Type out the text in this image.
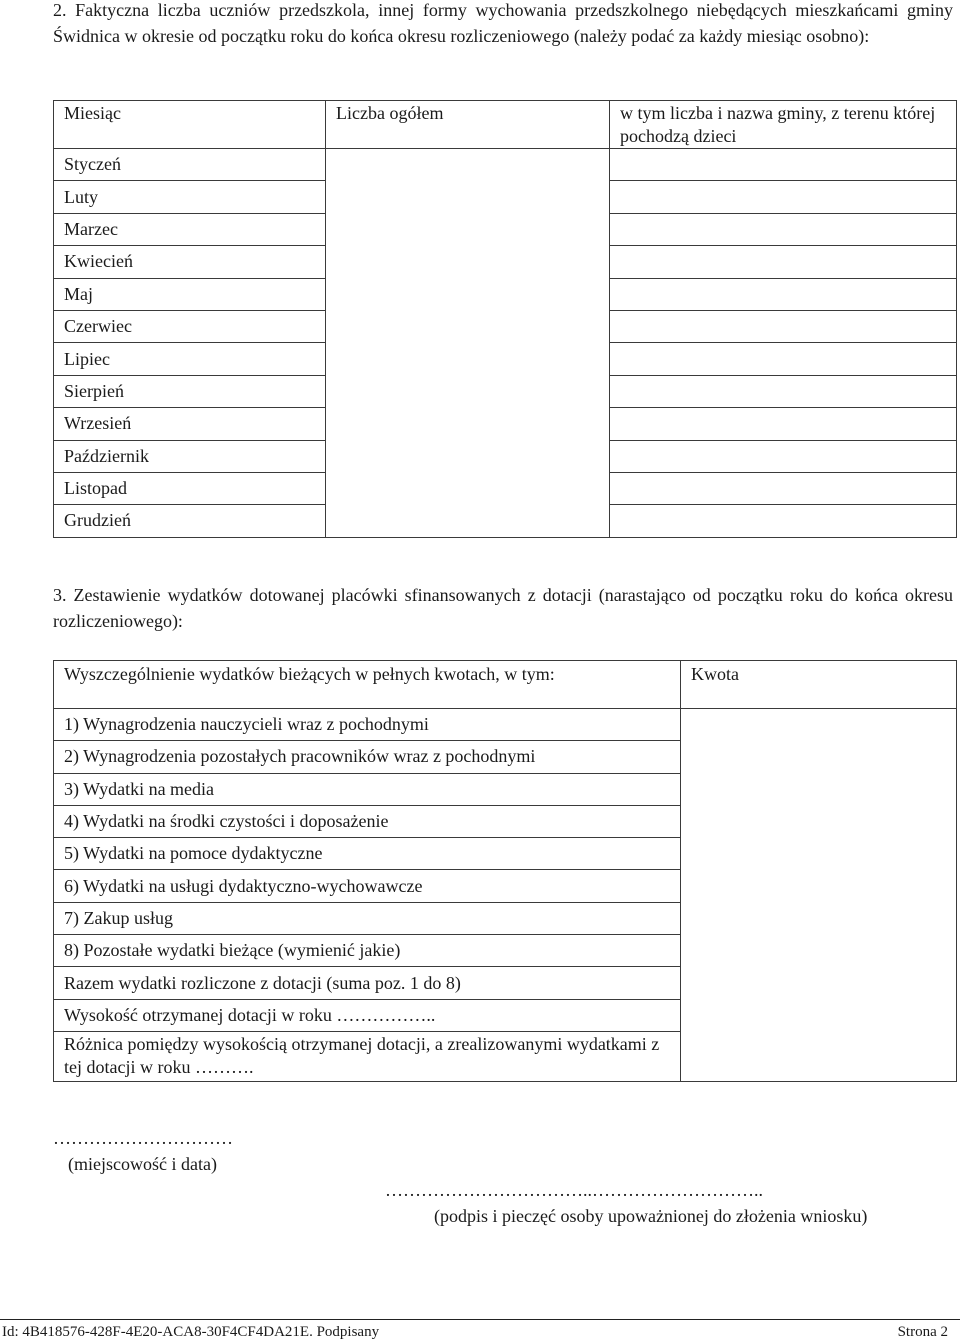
2. Faktyczna liczba uczniów przedszkola, innej formy wychowania przedszkolnego niebędących mieszkańcami gminy Świdnica w okresie od początku roku do końca okresu rozliczeniowego (należy podać za każdy miesiąc osobno):
Miesiąc	Liczba ogółem	w tym liczba i nazwa gminy, z terenu której pochodzą dzieci
Styczeń		
Luty		
Marzec		
Kwiecień		
Maj		
Czerwiec		
Lipiec		
Sierpień		
Wrzesień		
Październik		
Listopad		
Grudzień		
3. Zestawienie wydatków dotowanej placówki sfinansowanych z dotacji (narastająco od początku roku do końca okresu rozliczeniowego):
Wyszczególnienie wydatków bieżących w pełnych kwotach, w tym:	Kwota
1) Wynagrodzenia nauczycieli wraz z pochodnymi	
2) Wynagrodzenia pozostałych pracowników wraz z pochodnymi	
3) Wydatki na media	
4) Wydatki na środki czystości i doposażenie	
5) Wydatki na pomoce dydaktyczne	
6) Wydatki na usługi dydaktyczno-wychowawcze	
7) Zakup usług	
8) Pozostałe wydatki bieżące (wymienić jakie)	
Razem wydatki rozliczone z dotacji (suma poz. 1 do 8)	
Wysokość otrzymanej dotacji w roku ……………..	
Różnica pomiędzy wysokością otrzymanej dotacji, a zrealizowanymi wydatkami z tej dotacji w roku ……….	
…………………………
(miejscowość i data)
……………………………..………………………..
(podpis i pieczęć osoby upoważnionej do złożenia wniosku)
Id: 4B418576-428F-4E20-ACA8-30F4CF4DA21E. Podpisany	Strona 2
